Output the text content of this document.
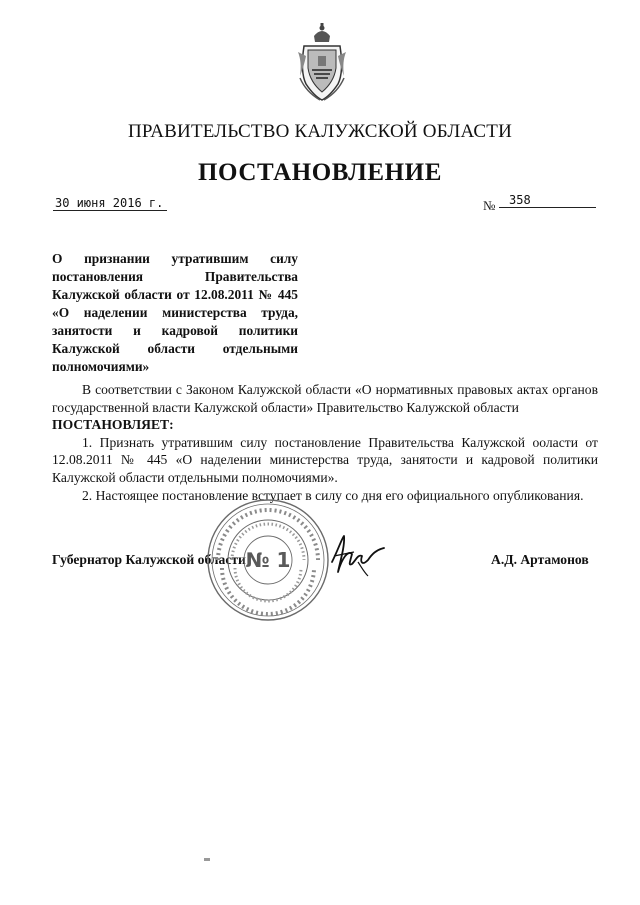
ПРАВИТЕЛЬСТВО КАЛУЖСКОЙ ОБЛАСТИ
ПОСТАНОВЛЕНИЕ
30 июня 2016 г.	№	358
О признании утратившим силу
постановления Правительства
Калужской области от 12.08.2011 № 445
«О наделении министерства труда,
занятости и кадровой политики
Калужской области отдельными
полномочиями»

В соответствии с Законом Калужской области «О нормативных правовых актах органов государственной власти Калужской области» Правительство Калужской области

ПОСТАНОВЛЯЕТ:

1. Признать утратившим силу постановление Правительства Калужской ооласти от 12.08.2011 № 445 «О наделении министерства труда, занятости и кадровой политики Калужской области отдельными полномочиями».

2. Настоящее постановление вступает в силу со дня его официального опубликования.

Губернатор Калужской области	А.Д. Артамонов
№ 1
